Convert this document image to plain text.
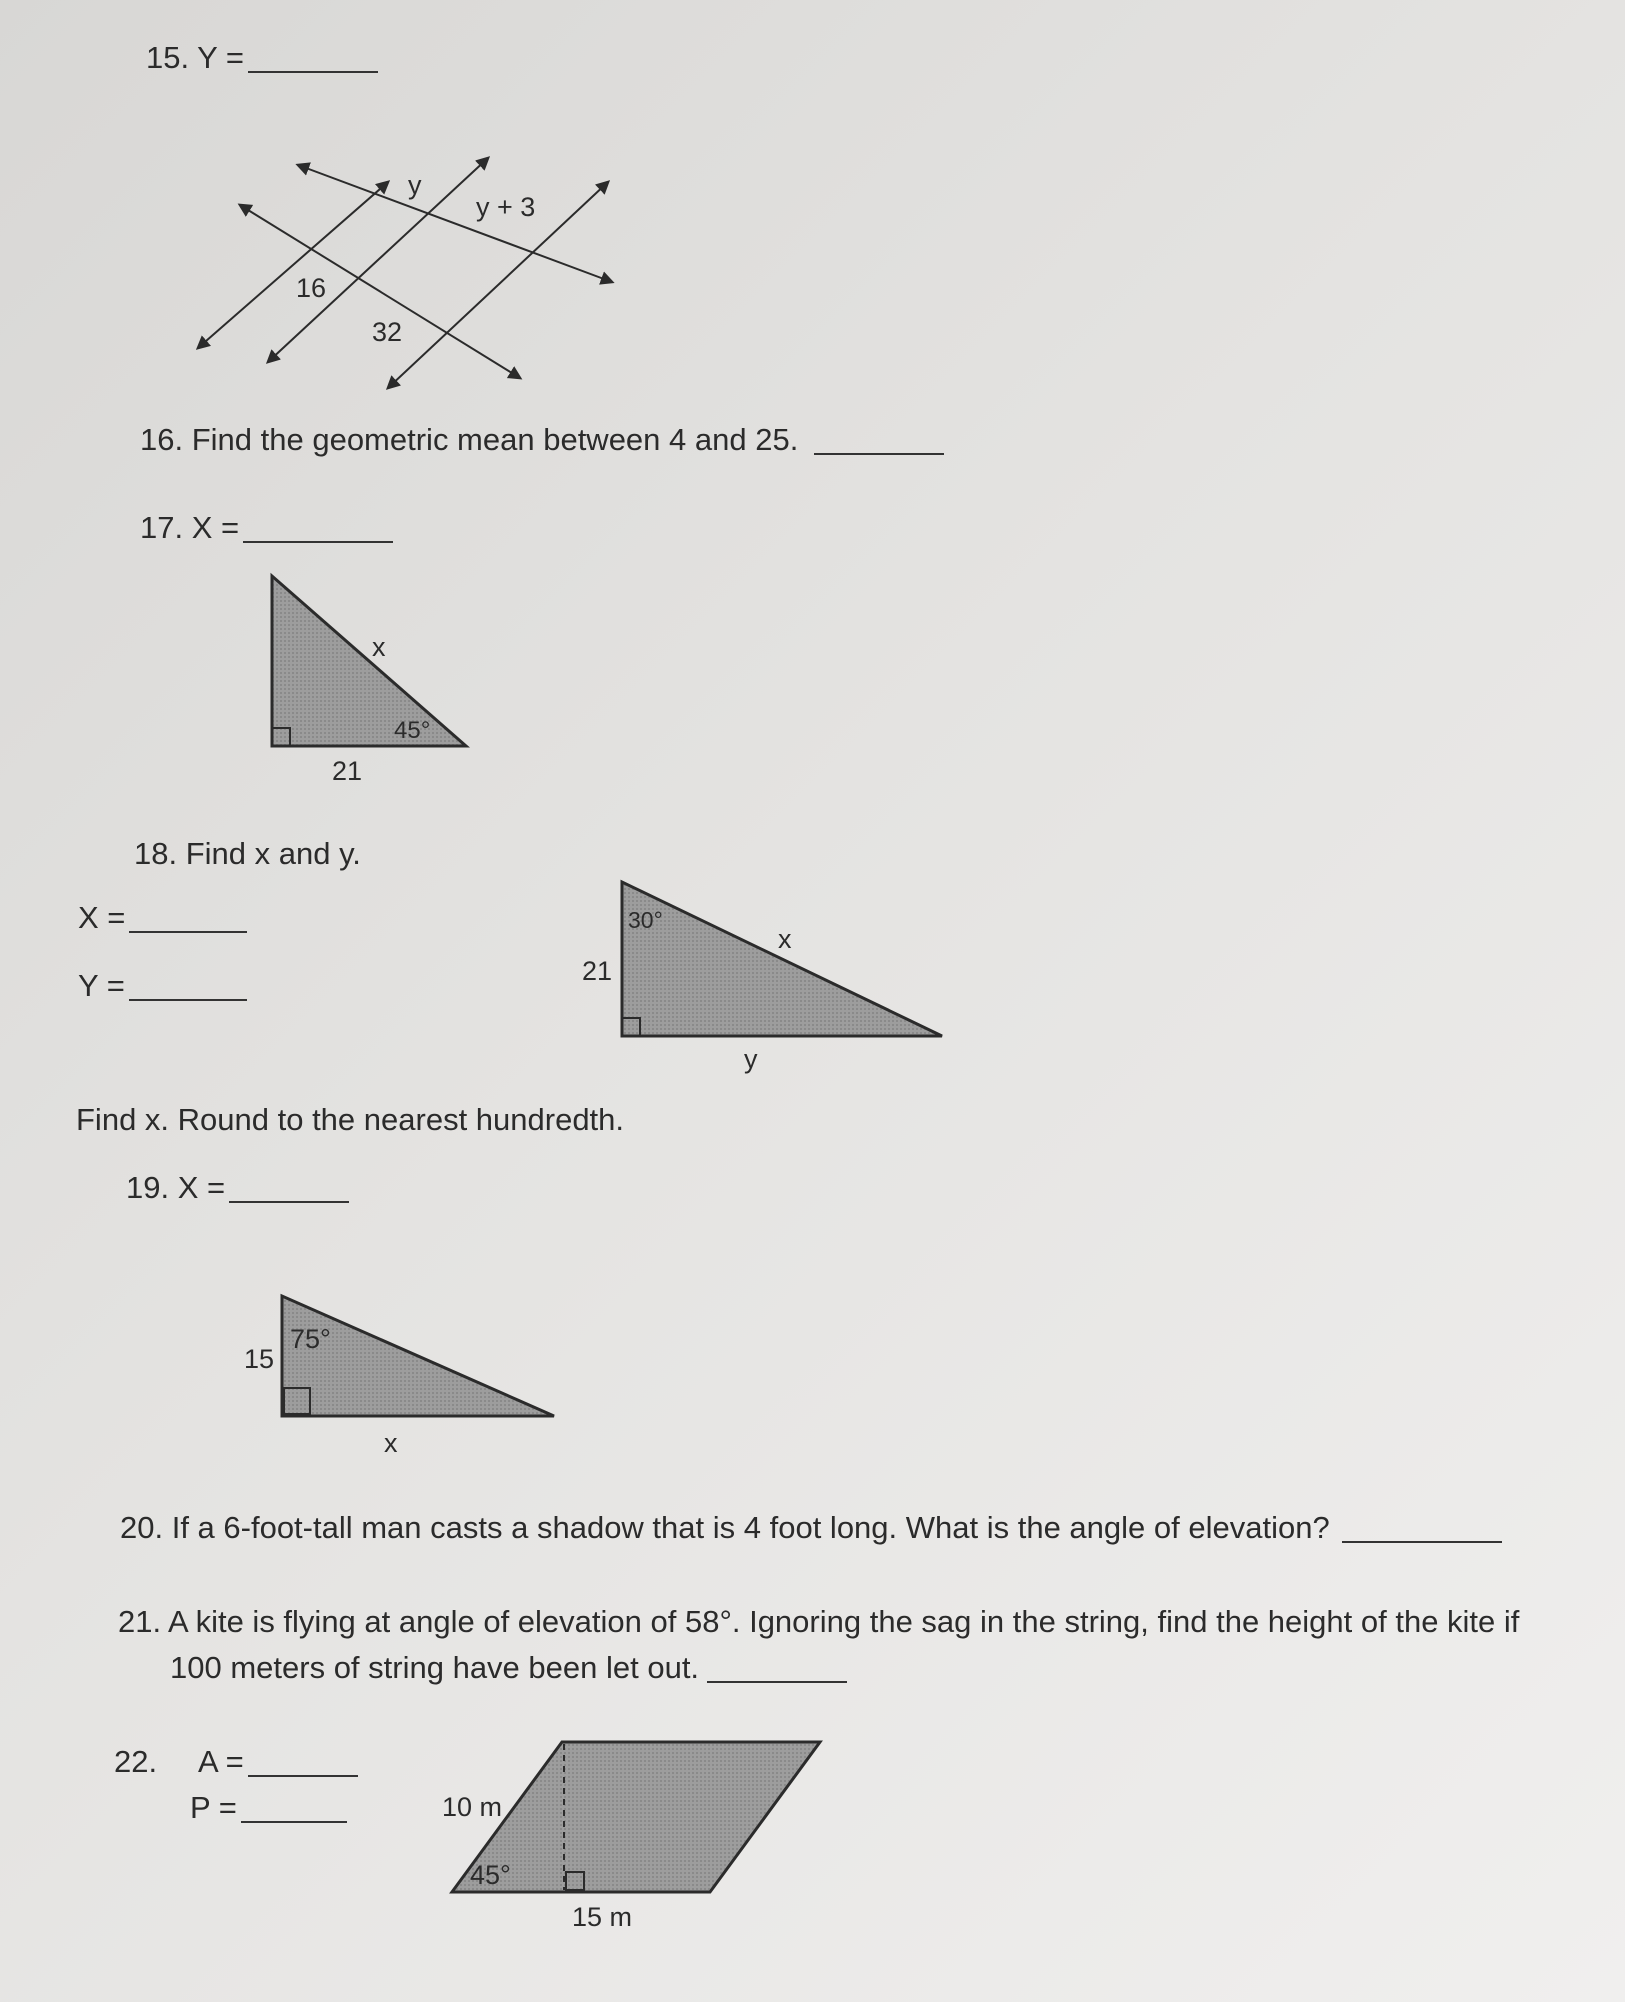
15. Y =
y
y + 3
16
32
16. Find the geometric mean between 4 and 25.
17. X =
x
45°
21
18. Find x and y.
X =
Y =
30°
x
21
y
Find x. Round to the nearest hundredth.
19. X =
75°
15
x
20. If a 6-foot-tall man casts a shadow that is 4 foot long. What is the angle of elevation?
21. A kite is flying at angle of elevation of 58°. Ignoring the sag in the string, find the height of the kite if
100 meters of string have been let out.
22. A =
P =	10 m
45°
15 m
